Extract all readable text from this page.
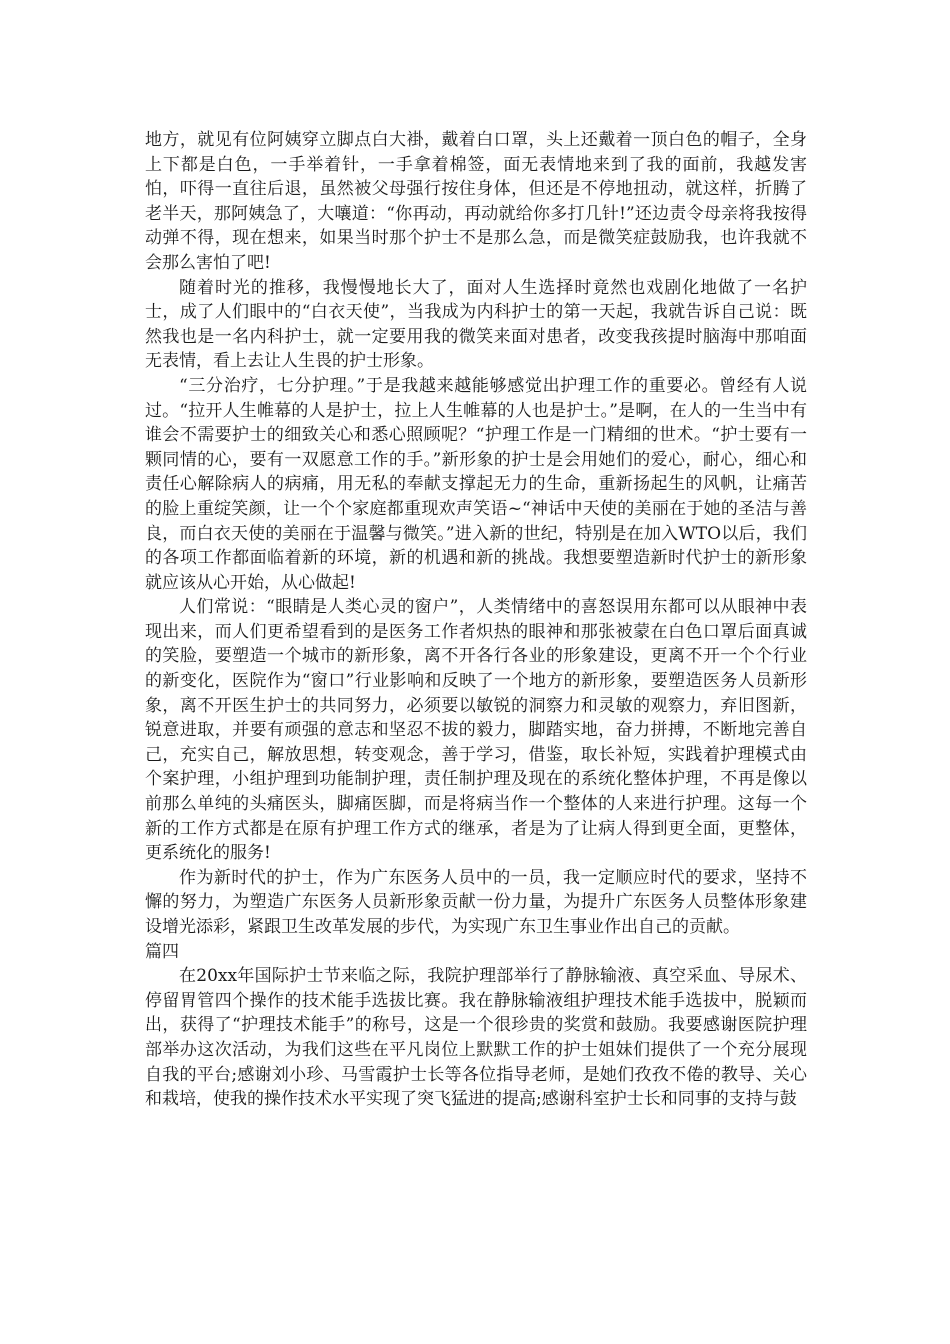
地方，就见有位阿姨穿立脚点白大褂，戴着白口罩，头上还戴着一顶白色的帽子，全身上下都是白色，一手举着针，一手拿着棉签，面无表情地来到了我的面前，我越发害怕，吓得一直往后退，虽然被父母强行按住身体，但还是不停地扭动，就这样，折腾了老半天，那阿姨急了，大嚷道：“你再动，再动就给你多打几针!”还边责令母亲将我按得动弹不得，现在想来，如果当时那个护士不是那么急，而是微笑症鼓励我，也许我就不会那么害怕了吧!

随着时光的推移，我慢慢地长大了，面对人生选择时竟然也戏剧化地做了一名护士，成了人们眼中的“白衣天使”，当我成为内科护士的第一天起，我就告诉自己说：既然我也是一名内科护士，就一定要用我的微笑来面对患者，改变我孩提时脑海中那咱面无表情，看上去让人生畏的护士形象。

“三分治疗，七分护理。”于是我越来越能够感觉出护理工作的重要必。曾经有人说过。“拉开人生帷幕的人是护士，拉上人生帷幕的人也是护士。”是啊，在人的一生当中有谁会不需要护士的细致关心和悉心照顾呢？“护理工作是一门精细的世术。“护士要有一颗同情的心，要有一双愿意工作的手。”新形象的护士是会用她们的爱心，耐心，细心和责任心解除病人的病痛，用无私的奉献支撑起无力的生命，重新扬起生的风帆，让痛苦的脸上重绽笑颜，让一个个家庭都重现欢声笑语~“神话中天使的美丽在于她的圣洁与善良，而白衣天使的美丽在于温馨与微笑。”进入新的世纪，特别是在加入WTO以后，我们的各项工作都面临着新的环境，新的机遇和新的挑战。我想要塑造新时代护士的新形象就应该从心开始，从心做起!

人们常说：“眼睛是人类心灵的窗户”，人类情绪中的喜怒误用东都可以从眼神中表现出来，而人们更希望看到的是医务工作者炽热的眼神和那张被蒙在白色口罩后面真诚的笑脸，要塑造一个城市的新形象，离不开各行各业的形象建设，更离不开一个个行业的新变化，医院作为“窗口”行业影响和反映了一个地方的新形象，要塑造医务人员新形象，离不开医生护士的共同努力，必须要以敏锐的洞察力和灵敏的观察力，弃旧图新，锐意进取，并要有顽强的意志和坚忍不拔的毅力，脚踏实地，奋力拼搏，不断地完善自己，充实自己，解放思想，转变观念，善于学习，借鉴，取长补短，实践着护理模式由个案护理，小组护理到功能制护理，责任制护理及现在的系统化整体护理，不再是像以前那么单纯的头痛医头，脚痛医脚，而是将病当作一个整体的人来进行护理。这每一个新的工作方式都是在原有护理工作方式的继承，者是为了让病人得到更全面，更整体，更系统化的服务!

作为新时代的护士，作为广东医务人员中的一员，我一定顺应时代的要求，坚持不懈的努力，为塑造广东医务人员新形象贡献一份力量，为提升广东医务人员整体形象建设增光添彩，紧跟卫生改革发展的步代，为实现广东卫生事业作出自己的贡献。

篇四

在20xx年国际护士节来临之际，我院护理部举行了静脉输液、真空采血、导尿术、停留胃管四个操作的技术能手选拔比赛。我在静脉输液组护理技术能手选拔中，脱颖而出，获得了“护理技术能手”的称号，这是一个很珍贵的奖赏和鼓励。我要感谢医院护理部举办这次活动，为我们这些在平凡岗位上默默工作的护士姐妹们提供了一个充分展现自我的平台;感谢刘小珍、马雪霞护士长等各位指导老师，是她们孜孜不倦的教导、关心和栽培，使我的操作技术水平实现了突飞猛进的提高;感谢科室护士长和同事的支持与鼓
